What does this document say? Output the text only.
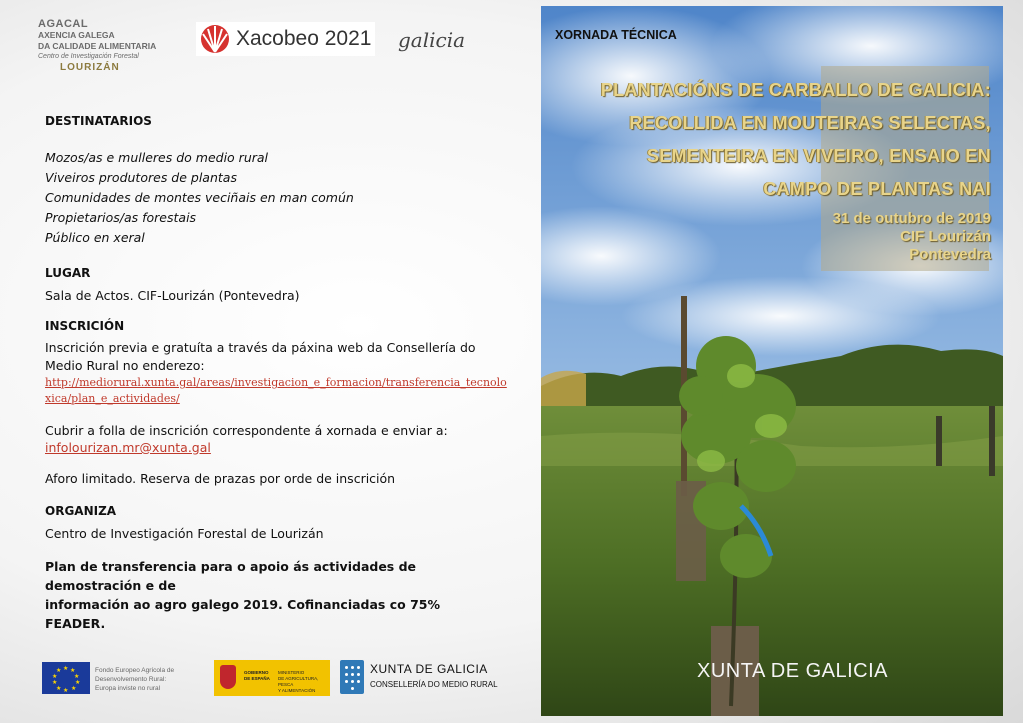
AGACAL
AXENCIA GALEGA
DA CALIDADE ALIMENTARIA
Centro de Investigación Forestal
LOURIZÁN
Xacobeo 2021 galicia
DESTINATARIOS
Mozos/as e mulleres do medio rural
Viveiros produtores de plantas
Comunidades de montes veciñais en man común
Propietarios/as forestais
Público en xeral
LUGAR
Sala de Actos. CIF-Lourizán (Pontevedra)
INSCRICIÓN
Inscrición previa e gratuíta a través da páxina web da Consellería do Medio Rural no enderezo:
http://mediorural.xunta.gal/areas/investigacion_e_formacion/transferencia_tecnolo
xica/plan_e_actividades/
Cubrir a folla de inscrición correspondente á xornada e enviar a:
infolourizan.mr@xunta.gal
Aforo limitado. Reserva de prazas por orde de inscrición
ORGANIZA
Centro de Investigación Forestal de Lourizán
Plan de transferencia para o apoio ás actividades de demostración e de
información ao agro galego 2019. Cofinanciadas co 75% FEADER.
★ ★
★
★
★
★
★
★
★
★	Fondo Europeo Agrícola de
Desenvolvemento Rural:
Europa inviste no rural
GOBIERNO
DE ESPAÑA
MINISTERIO
DE AGRICULTURA, PESCA
Y ALIMENTACIÓN
XUNTA DE GALICIA
CONSELLERÍA DO MEDIO RURAL
XORNADA TÉCNICA
PLANTACIÓNS DE CARBALLO DE GALICIA:
RECOLLIDA EN MOUTEIRAS SELECTAS,
SEMENTEIRA EN VIVEIRO, ENSAIO EN
CAMPO DE PLANTAS NAI
31 de outubro de 2019
CIF Lourizán
Pontevedra
XUNTA DE GALICIA
